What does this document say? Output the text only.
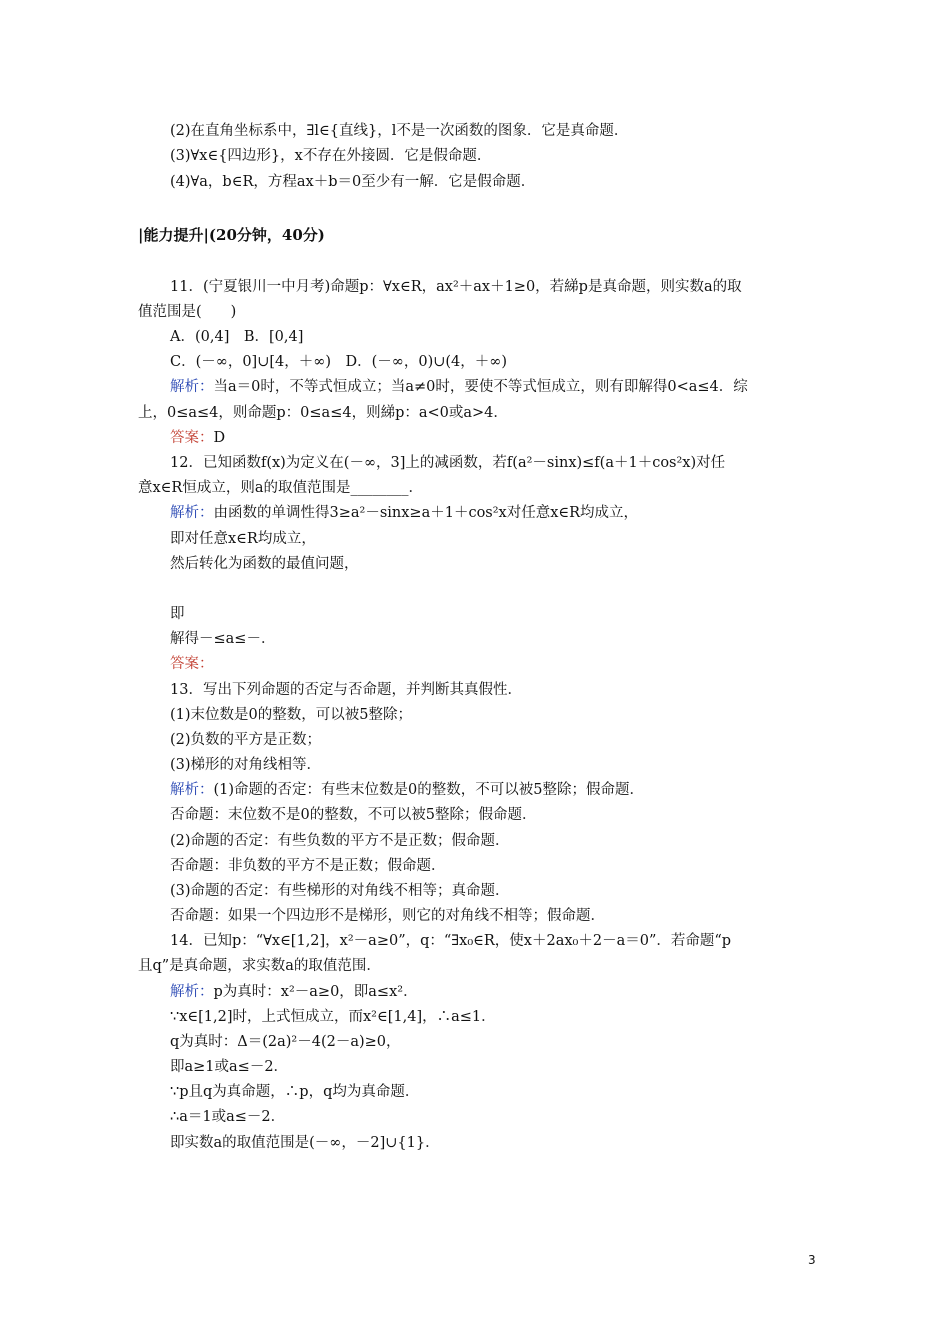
(2)在直角坐标系中，∃l∈{直线}，l不是一次函数的图象．它是真命题．
(3)∀x∈{四边形}，x不存在外接圆．它是假命题．
(4)∀a，b∈R，方程ax＋b＝0至少有一解．它是假命题．
|能力提升|(20分钟，40分)
11．(宁夏银川一中月考)命题p：∀x∈R，ax²＋ax＋1≥0，若綈p是真命题，则实数a的取
值范围是(　　)
A．(0,4]　B．[0,4]
C．(－∞，0]∪[4，＋∞)　D．(－∞，0)∪(4，＋∞)
解析：当a＝0时，不等式恒成立；当a≠0时，要使不等式恒成立，则有即解得0<a≤4．综
上，0≤a≤4，则命题p：0≤a≤4，则綈p：a<0或a>4．
答案：D
12．已知函数f(x)为定义在(－∞，3]上的减函数，若f(a²－sinx)≤f(a＋1＋cos²x)对任
意x∈R恒成立，则a的取值范围是________．
解析：由函数的单调性得3≥a²－sinx≥a＋1＋cos²x对任意x∈R均成立，
即对任意x∈R均成立，
然后转化为函数的最值问题，
即
解得－≤a≤－．
答案：
13．写出下列命题的否定与否命题，并判断其真假性．
(1)末位数是0的整数，可以被5整除；
(2)负数的平方是正数；
(3)梯形的对角线相等．
解析：(1)命题的否定：有些末位数是0的整数，不可以被5整除；假命题．
否命题：末位数不是0的整数，不可以被5整除；假命题．
(2)命题的否定：有些负数的平方不是正数；假命题．
否命题：非负数的平方不是正数；假命题．
(3)命题的否定：有些梯形的对角线不相等；真命题．
否命题：如果一个四边形不是梯形，则它的对角线不相等；假命题．
14．已知p：“∀x∈[1,2]，x²－a≥0”，q：“∃x₀∈R，使x＋2ax₀＋2－a＝0”．若命题“p
且q”是真命题，求实数a的取值范围．
解析：p为真时：x²－a≥0，即a≤x²．
∵x∈[1,2]时，上式恒成立，而x²∈[1,4]，∴a≤1．
q为真时：Δ＝(2a)²－4(2－a)≥0，
即a≥1或a≤－2．
∵p且q为真命题，∴p，q均为真命题．
∴a＝1或a≤－2．
即实数a的取值范围是(－∞，－2]∪{1}．
3
